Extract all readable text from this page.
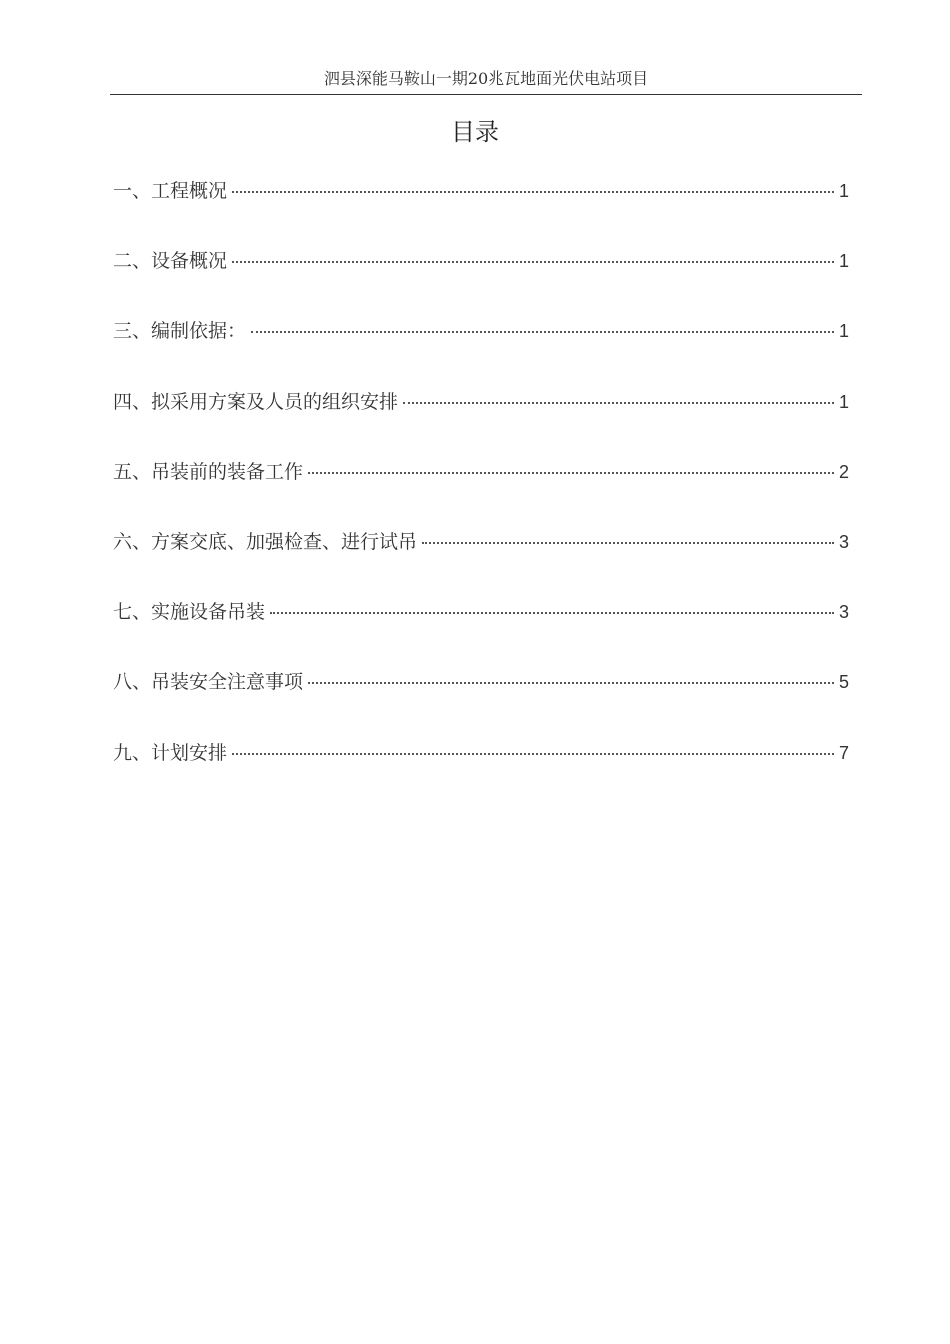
泗县深能马鞍山一期20兆瓦地面光伏电站项目
目录
一、工程概况	1
二、设备概况	1
三、编制依据：	1
四、拟采用方案及人员的组织安排	1
五、吊装前的装备工作	2
六、方案交底、加强检查、进行试吊	3
七、实施设备吊装	3
八、吊装安全注意事项	5
九、计划安排	7
